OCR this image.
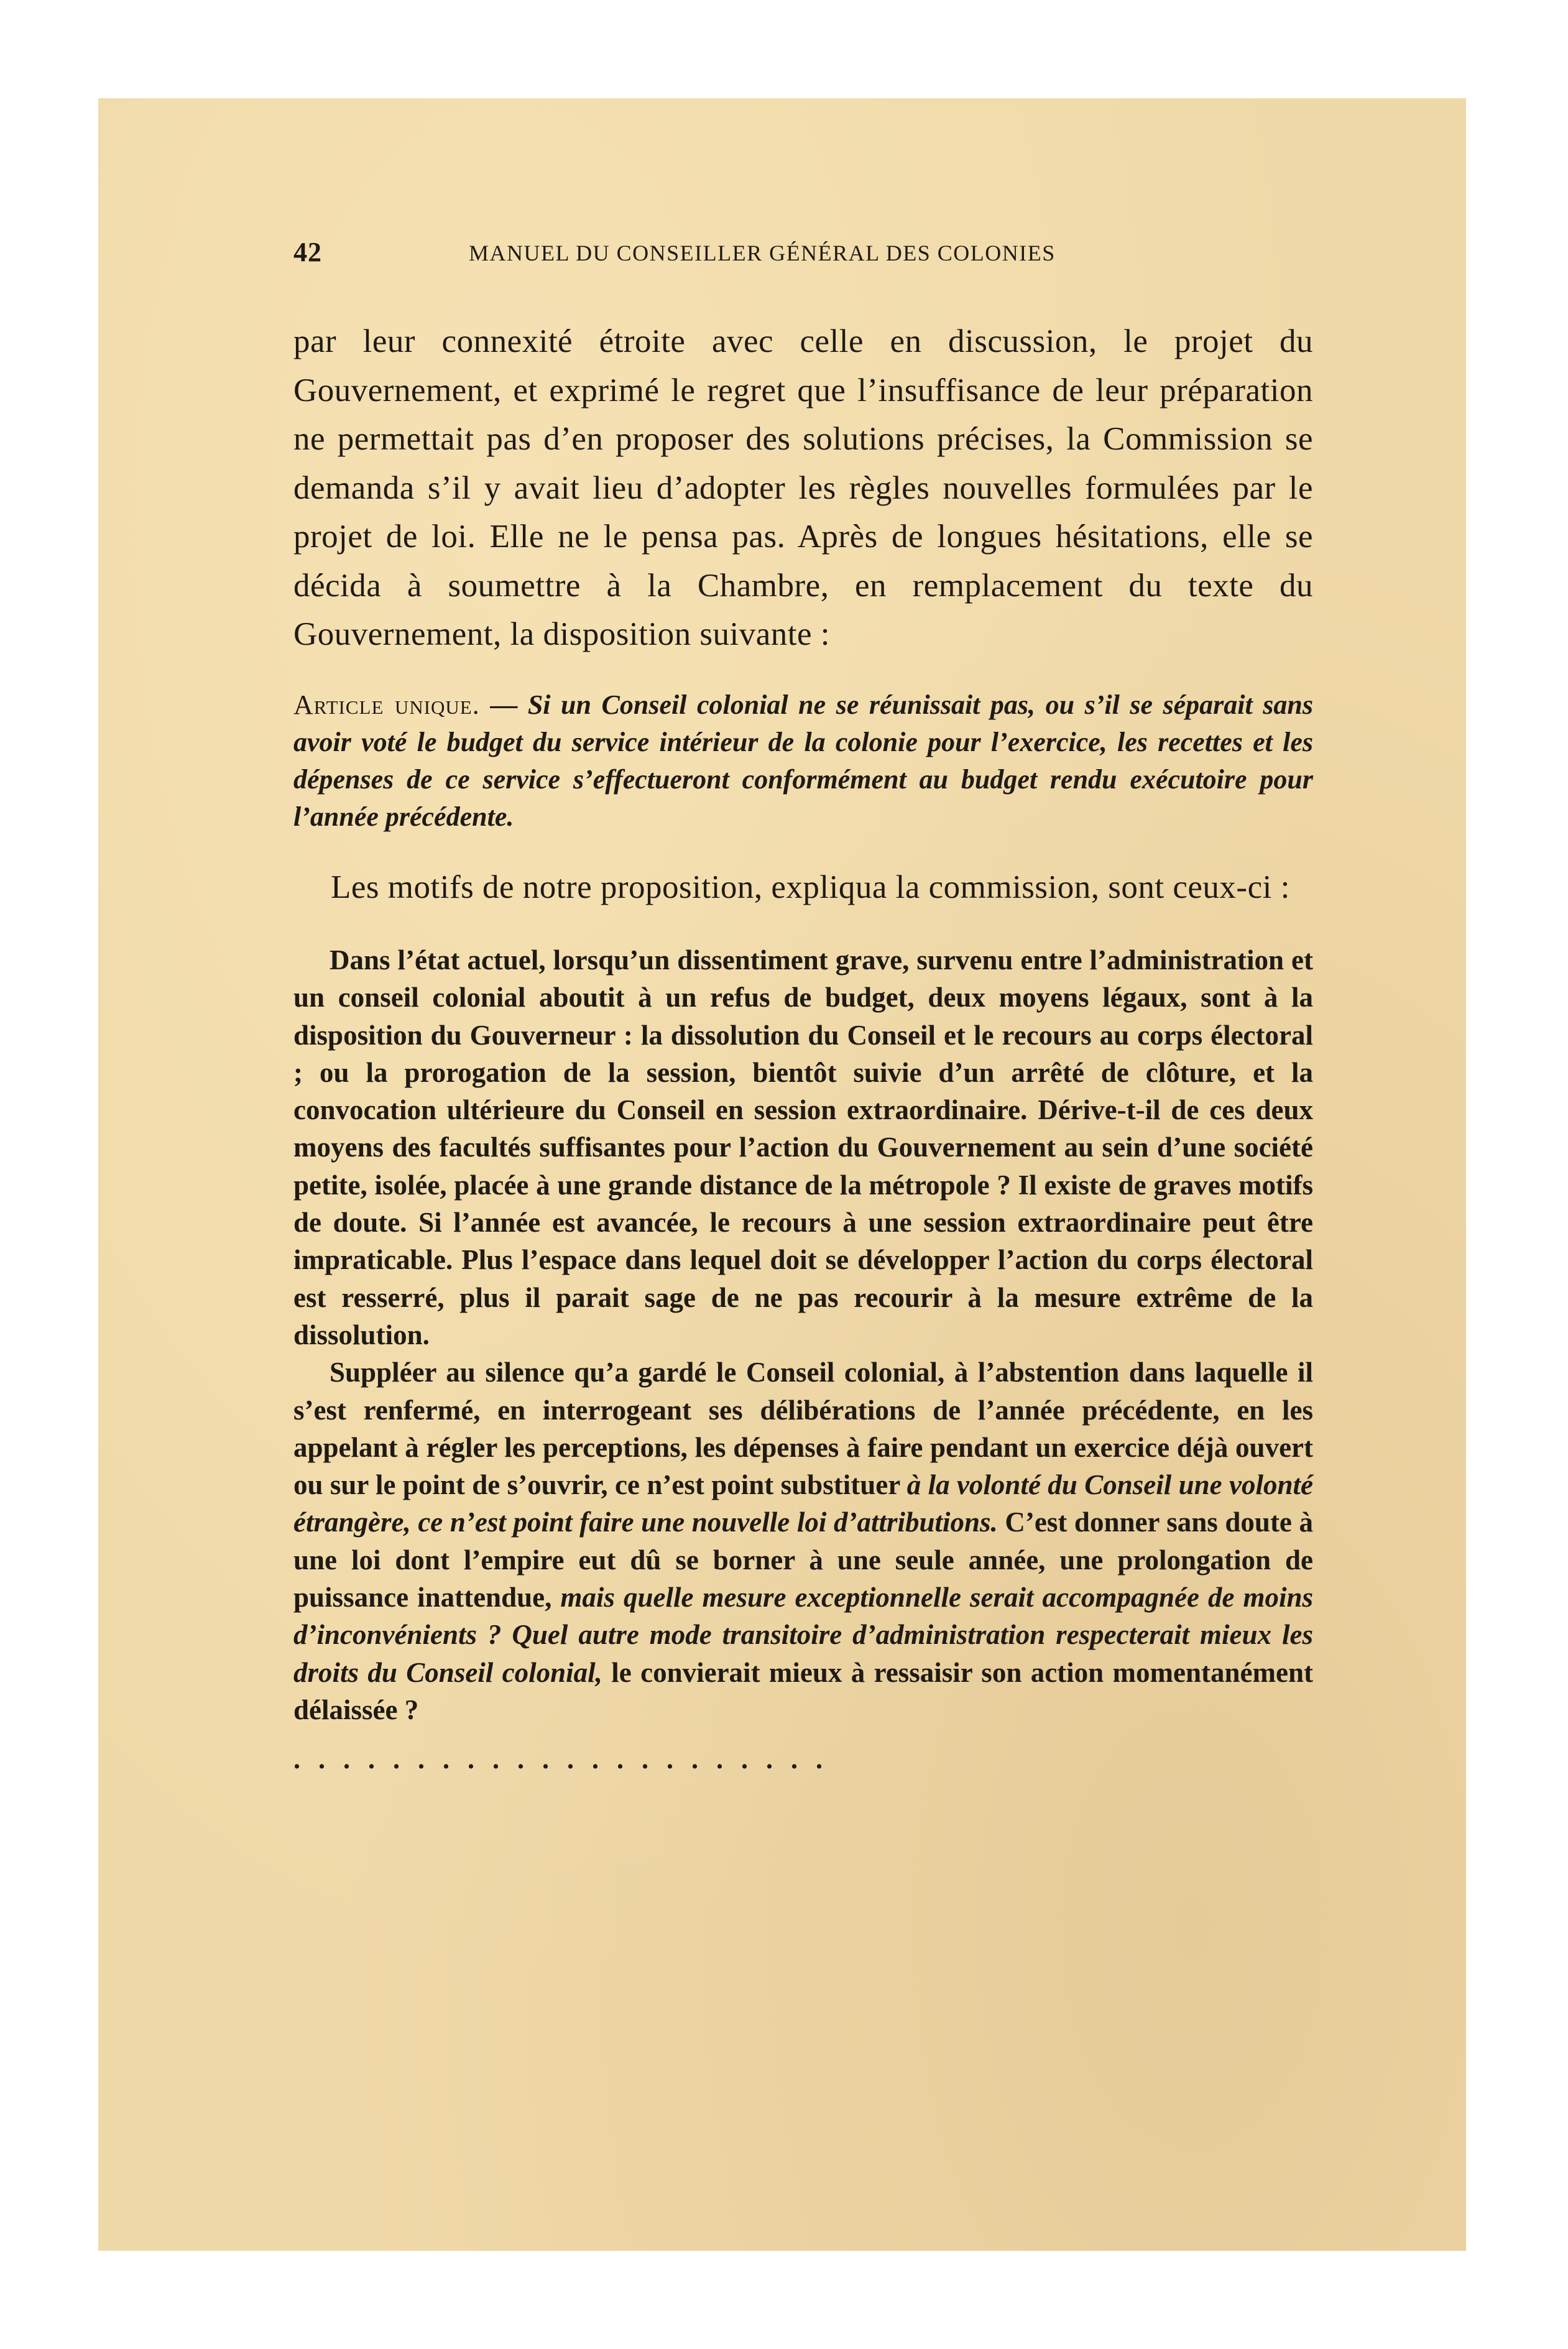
42	MANUEL DU CONSEILLER GÉNÉRAL DES COLONIES

par leur connexité étroite avec celle en discussion, le projet du Gouvernement, et exprimé le regret que l’insuffisance de leur préparation ne permettait pas d’en proposer des solutions précises, la Commission se demanda s’il y avait lieu d’adopter les règles nouvelles formulées par le projet de loi. Elle ne le pensa pas. Après de longues hésitations, elle se décida à soumettre à la Chambre, en remplacement du texte du Gouvernement, la disposition suivante :

Article unique. — Si un Conseil colonial ne se réunissait pas, ou s’il se séparait sans avoir voté le budget du service intérieur de la colonie pour l’exercice, les recettes et les dépenses de ce service s’effectueront conformément au budget rendu exécutoire pour l’année précédente.

Les motifs de notre proposition, expliqua la commission, sont ceux-ci :

Dans l’état actuel, lorsqu’un dissentiment grave, survenu entre l’administration et un conseil colonial aboutit à un refus de budget, deux moyens légaux, sont à la disposition du Gouverneur : la dissolution du Conseil et le recours au corps électoral ; ou la prorogation de la session, bientôt suivie d’un arrêté de clôture, et la convocation ultérieure du Conseil en session extraordinaire. Dérive-t-il de ces deux moyens des facultés suffisantes pour l’action du Gouvernement au sein d’une société petite, isolée, placée à une grande distance de la métropole ? Il existe de graves motifs de doute. Si l’année est avancée, le recours à une session extraordinaire peut être impraticable. Plus l’espace dans lequel doit se développer l’action du corps électoral est resserré, plus il parait sage de ne pas recourir à la mesure extrême de la dissolution.

Suppléer au silence qu’a gardé le Conseil colonial, à l’abstention dans laquelle il s’est renfermé, en interrogeant ses délibérations de l’année précédente, en les appelant à régler les perceptions, les dépenses à faire pendant un exercice déjà ouvert ou sur le point de s’ouvrir, ce n’est point substituer à la volonté du Conseil une volonté étrangère, ce n’est point faire une nouvelle loi d’attributions. C’est donner sans doute à une loi dont l’empire eut dû se borner à une seule année, une prolongation de puissance inattendue, mais quelle mesure exceptionnelle serait accompagnée de moins d’inconvénients ? Quel autre mode transitoire d’administration respecterait mieux les droits du Conseil colonial, le convierait mieux à ressaisir son action momentanément délaissée ?

......................
